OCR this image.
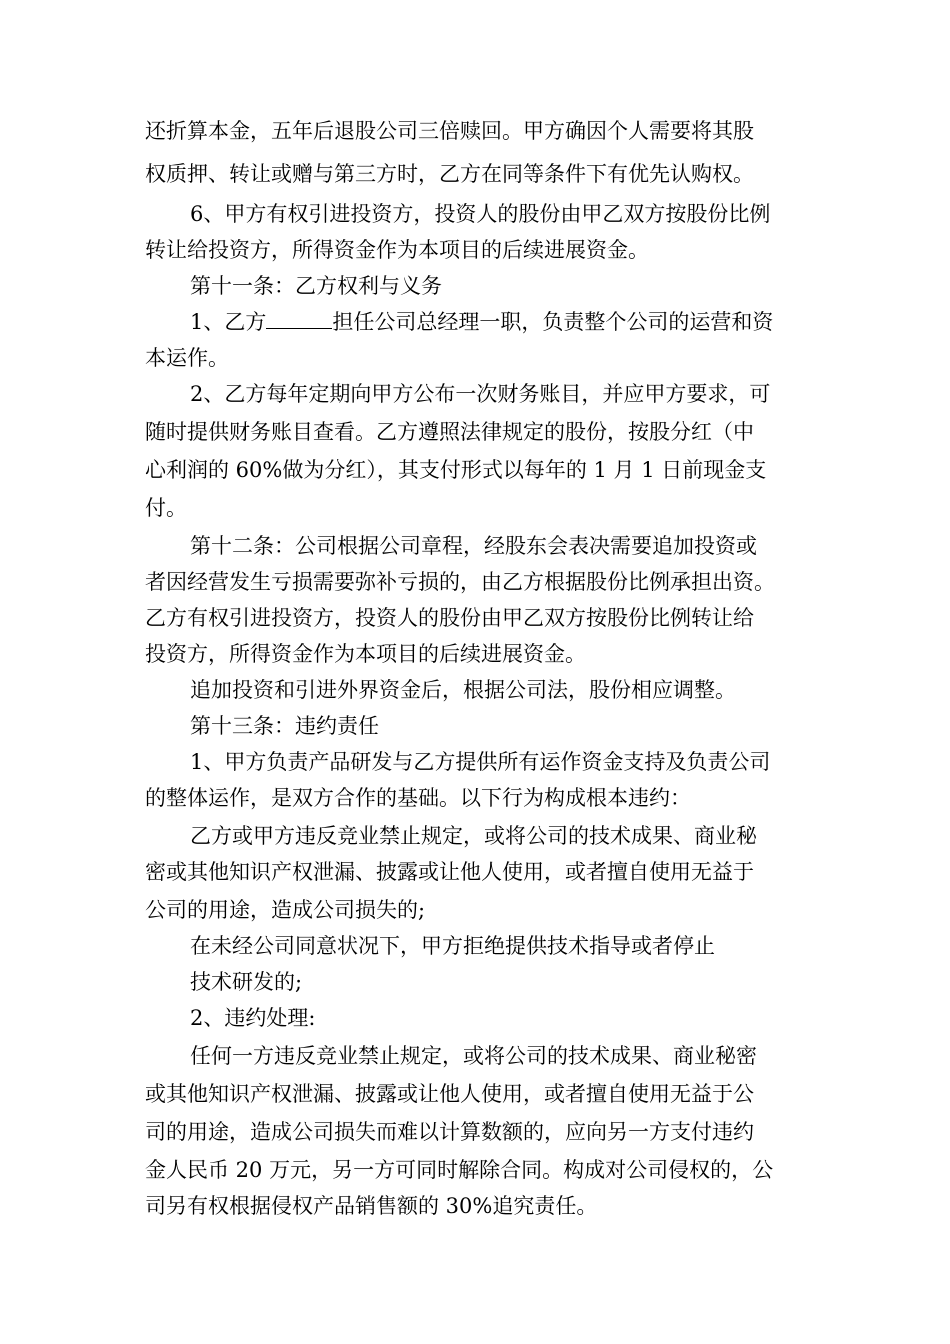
还折算本金，五年后退股公司三倍赎回。甲方确因个人需要将其股
权质押、转让或赠与第三方时，乙方在同等条件下有优先认购权。
6、甲方有权引进投资方，投资人的股份由甲乙双方按股份比例
转让给投资方，所得资金作为本项目的后续进展资金。
第十一条：乙方权利与义务
1、乙方	担任公司总经理一职，负责整个公司的运营和资
本运作。
2、乙方每年定期向甲方公布一次财务账目，并应甲方要求，可
随时提供财务账目查看。乙方遵照法律规定的股份，按股分红（中
心利润的 60%做为分红），其支付形式以每年的 1 月 1 日前现金支
付。
第十二条：公司根据公司章程，经股东会表决需要追加投资或
者因经营发生亏损需要弥补亏损的，由乙方根据股份比例承担出资。
乙方有权引进投资方，投资人的股份由甲乙双方按股份比例转让给
投资方，所得资金作为本项目的后续进展资金。
追加投资和引进外界资金后，根据公司法，股份相应调整。
第十三条：违约责任
1、甲方负责产品研发与乙方提供所有运作资金支持及负责公司
的整体运作，是双方合作的基础。以下行为构成根本违约：
乙方或甲方违反竞业禁止规定，或将公司的技术成果、商业秘
密或其他知识产权泄漏、披露或让他人使用，或者擅自使用无益于
公司的用途，造成公司损失的;
在未经公司同意状况下，甲方拒绝提供技术指导或者停止
技术研发的;
2、违约处理:
任何一方违反竞业禁止规定，或将公司的技术成果、商业秘密
或其他知识产权泄漏、披露或让他人使用，或者擅自使用无益于公
司的用途，造成公司损失而难以计算数额的，应向另一方支付违约
金人民币 20 万元，另一方可同时解除合同。构成对公司侵权的，公
司另有权根据侵权产品销售额的 30%追究责任。
